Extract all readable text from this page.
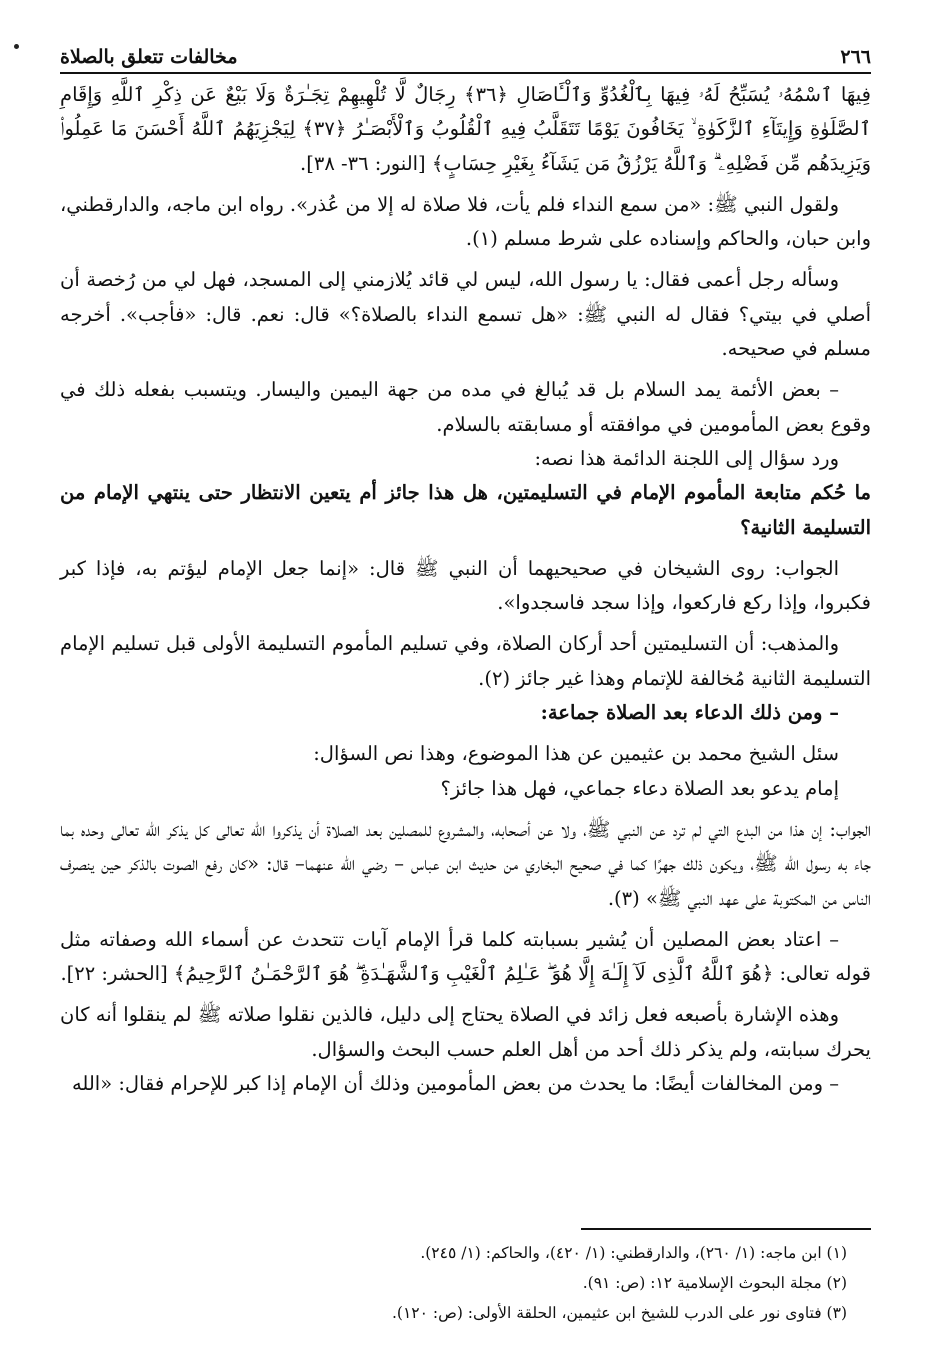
٢٦٦
مخالفات تتعلق بالصلاة

فِيهَا ٱسْمُهُۥ يُسَبِّحُ لَهُۥ فِيهَا بِٱلْغُدُوِّ وَٱلْـَٔاصَالِ ﴿٣٦﴾ رِجَالٌ لَّا تُلْهِيهِمْ تِجَـٰرَةٌ وَلَا بَيْعٌ عَن ذِكْرِ ٱللَّهِ وَإِقَامِ ٱلصَّلَوٰةِ وَإِيتَآءِ ٱلزَّكَوٰةِ ۙ يَخَافُونَ يَوْمًا تَتَقَلَّبُ فِيهِ ٱلْقُلُوبُ وَٱلْأَبْصَـٰرُ ﴿٣٧﴾ لِيَجْزِيَهُمُ ٱللَّهُ أَحْسَنَ مَا عَمِلُوا۟ وَيَزِيدَهُم مِّن فَضْلِهِۦ ۗ وَٱللَّهُ يَرْزُقُ مَن يَشَآءُ بِغَيْرِ حِسَابٍ﴾ [النور: ٣٦- ٣٨].

ولقول النبي ﷺ: «من سمع النداء فلم يأت، فلا صلاة له إلا من عُذر». رواه ابن ماجه، والدارقطني، وابن حبان، والحاكم وإسناده على شرط مسلم (١).

وسأله رجل أعمى فقال: يا رسول الله، ليس لي قائد يُلازمني إلى المسجد، فهل لي من رُخصة أن أصلي في بيتي؟ فقال له النبي ﷺ: «هل تسمع النداء بالصلاة؟» قال: نعم. قال: «فأجب». أخرجه مسلم في صحيحه.

– بعض الأئمة يمد السلام بل قد يُبالغ في مده من جهة اليمين واليسار. ويتسبب بفعله ذلك في وقوع بعض المأمومين في موافقته أو مسابقته بالسلام.

ورد سؤال إلى اللجنة الدائمة هذا نصه:

ما حُكم متابعة المأموم الإمام في التسليمتين، هل هذا جائز أم يتعين الانتظار حتى ينتهي الإمام من التسليمة الثانية؟

الجواب: روى الشيخان في صحيحيهما أن النبي ﷺ قال: «إنما جعل الإمام ليؤتم به، فإذا كبر فكبروا، وإذا ركع فاركعوا، وإذا سجد فاسجدوا».

والمذهب: أن التسليمتين أحد أركان الصلاة، وفي تسليم المأموم التسليمة الأولى قبل تسليم الإمام التسليمة الثانية مُخالفة للإتمام وهذا غير جائز (٢).

– ومن ذلك الدعاء بعد الصلاة جماعة:

سئل الشيخ محمد بن عثيمين عن هذا الموضوع، وهذا نص السؤال:

إمام يدعو بعد الصلاة دعاء جماعي، فهل هذا جائز؟

الجواب: إن هذا من البدع التي لم ترد عن النبي ﷺ، ولا عن أصحابه، والمشروع للمصلين بعد الصلاة أن يذكروا الله تعالى كل يذكر الله تعالى وحده بما جاء به رسول الله ﷺ، ويكون ذلك جهرًا كما في صحيح البخاري من حديث ابن عباس – رضي الله عنهما– قال: «كان رفع الصوت بالذكر حين ينصرف الناس من المكتوبة على عهد النبي ﷺ» (٣).

– اعتاد بعض المصلين أن يُشير بسبابته كلما قرأ الإمام آيات تتحدث عن أسماء الله وصفاته مثل قوله تعالى: ﴿هُوَ ٱللَّهُ ٱلَّذِى لَآ إِلَـٰهَ إِلَّا هُوَ ۖ عَـٰلِمُ ٱلْغَيْبِ وَٱلشَّهَـٰدَةِ ۖ هُوَ ٱلرَّحْمَـٰنُ ٱلرَّحِيمُ﴾ [الحشر: ٢٢].

وهذه الإشارة بأصبعه فعل زائد في الصلاة يحتاج إلى دليل، فالذين نقلوا صلاته ﷺ لم ينقلوا أنه كان يحرك سبابته، ولم يذكر ذلك أحد من أهل العلم حسب البحث والسؤال.

– ومن المخالفات أيضًا: ما يحدث من بعض المأمومين وذلك أن الإمام إذا كبر للإحرام فقال: «الله

(١) ابن ماجه: (١/ ٢٦٠)، والدارقطني: (١/ ٤٢٠)، والحاكم: (١/ ٢٤٥).

(٢) مجلة البحوث الإسلامية ١٢: (ص: ٩١).

(٣) فتاوى نور على الدرب للشيخ ابن عثيمين، الحلقة الأولى: (ص: ١٢٠).
